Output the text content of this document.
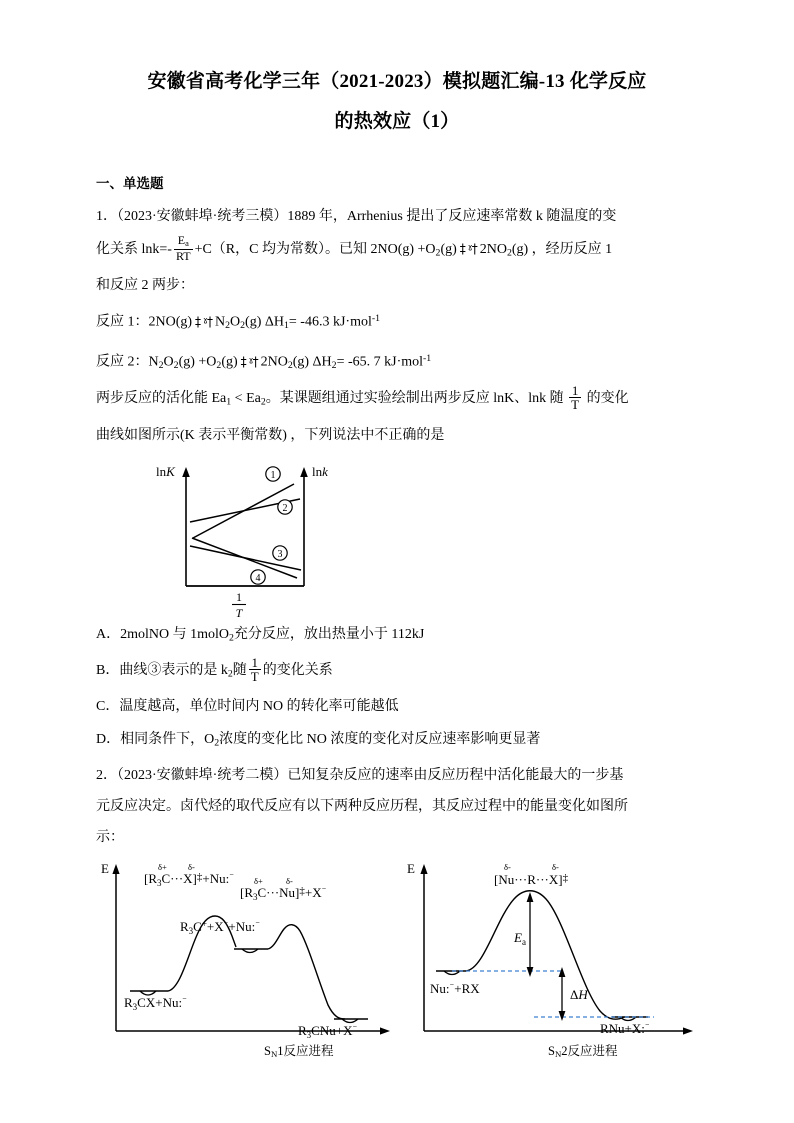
安徽省高考化学三年（2021-2023）模拟题汇编-13 化学反应
的热效应（1）
一、单选题
1．（2023·安徽蚌埠·统考三模）1889 年，Arrhenius 提出了反应速率常数 k 随温度的变
化关系 $\ln k=- \frac{E_a}{RT} +C(R$，C 均为常数）。已知 $2NO(g) +O_2(g)$ ‡ ˠ† $2NO_2(g)$ ，经历反应 1
和反应 2 两步：
反应 1：2NO(g) ‡ ˠ† $N_2O_2(g)$ $\Delta H_1= -46.3$ kJ·mol$^{-1}$
反应 2：$N_2O_2(g) +O_2(g)$ ‡ ˠ† $2NO_2(g)$ $\Delta H_2= -65$. 7 kJ·mol$^{-1}$
两步反应的活化能 $Ea_1 < Ea_2$。某课题组通过实验绘制出两步反应 lnK、lnk 随 $\frac{1}{T}$ 的变化
曲线如图所示(K 表示平衡常数) ，下列说法中不正确的是
1
2
3
4
lnK	lnk
1
T
A．2molNO 与 1molO$_2$充分反应，放出热量小于 112kJ
B．曲线③表示的是 $k_2$随 $\frac{1}{T}$ 的变化关系
C．温度越高，单位时间内 NO 的转化率可能越低
D．相同条件下，$O_2$浓度的变化比 NO 浓度的变化对反应速率影响更显著
2．（2023·安徽蚌埠·统考二模）已知复杂反应的速率由反应历程中活化能最大的一步基
元反应决定。卤代烃的取代反应有以下两种反应历程，其反应过程中的能量变化如图所
示：
E	δ+ δ-
$[R_3C\cdot\cdot\cdot X]^\ddagger+Nu:^{^-}$ δ+	δ-
$[R_3C\cdot\cdot\cdot Nu]^\ddagger+X^{^-}$
$R_3C^++X^{^-}+Nu:^{^-}$
$R_3CX+Nu:^{^-}$
$R_3CNu+X^{^-}$
E
$E_a$
ΔH
δ-	δ-
[Nu···R···X]‡
Nu:⁻+RX
RNu+X:⁻
$S_N1$反应进程	$S_N2$反应进程
